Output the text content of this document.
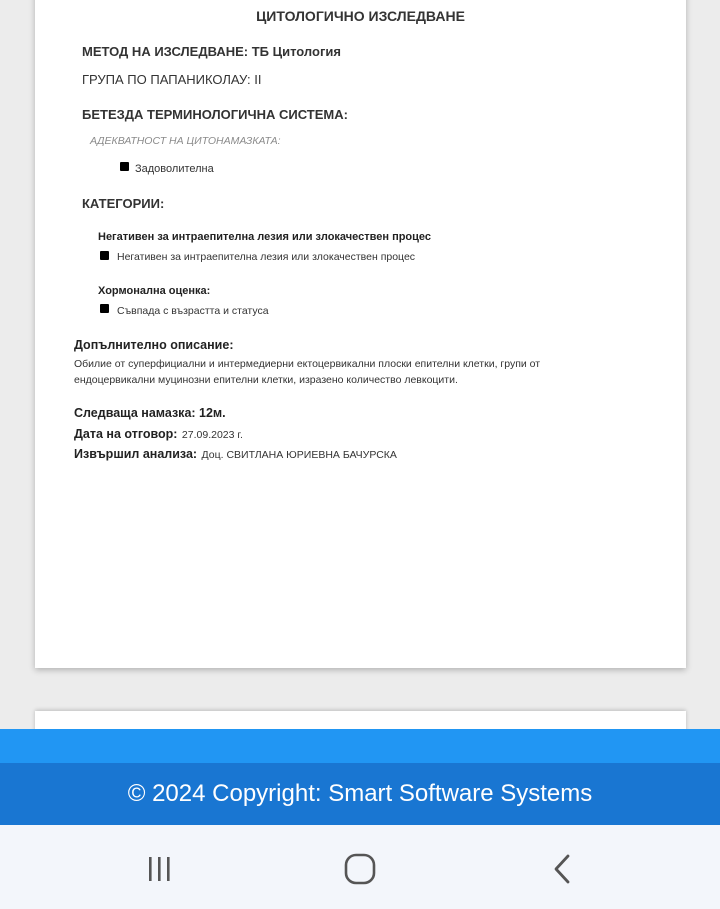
ЦИТОЛОГИЧНО ИЗСЛЕДВАНЕ
МЕТОД НА ИЗСЛЕДВАНЕ: ТБ Цитология
ГРУПА ПО ПАПАНИКОЛАУ: II
БЕТЕЗДА ТЕРМИНОЛОГИЧНА СИСТЕМА:
АДЕКВАТНОСТ НА ЦИТОНАМАЗКАТА:
Задоволителна
КАТЕГОРИИ:
Негативен за интраепителна лезия или злокачествен процес
Негативен за интраепителна лезия или злокачествен процес
Хормонална оценка:
Съвпада с възрастта и статуса
Допълнително описание:
Обилие от суперфициални и интермедиерни ектоцервикални плоски епителни клетки, групи от ендоцервикални муцинозни епителни клетки, изразено количество левкоцити.
Следваща намазка: 12м.
Дата на отговор: 27.09.2023 г.
Извършил анализа: Доц. СВИТЛАНА ЮРИЕВНА БАЧУРСКА
© 2024 Copyright: Smart Software Systems
